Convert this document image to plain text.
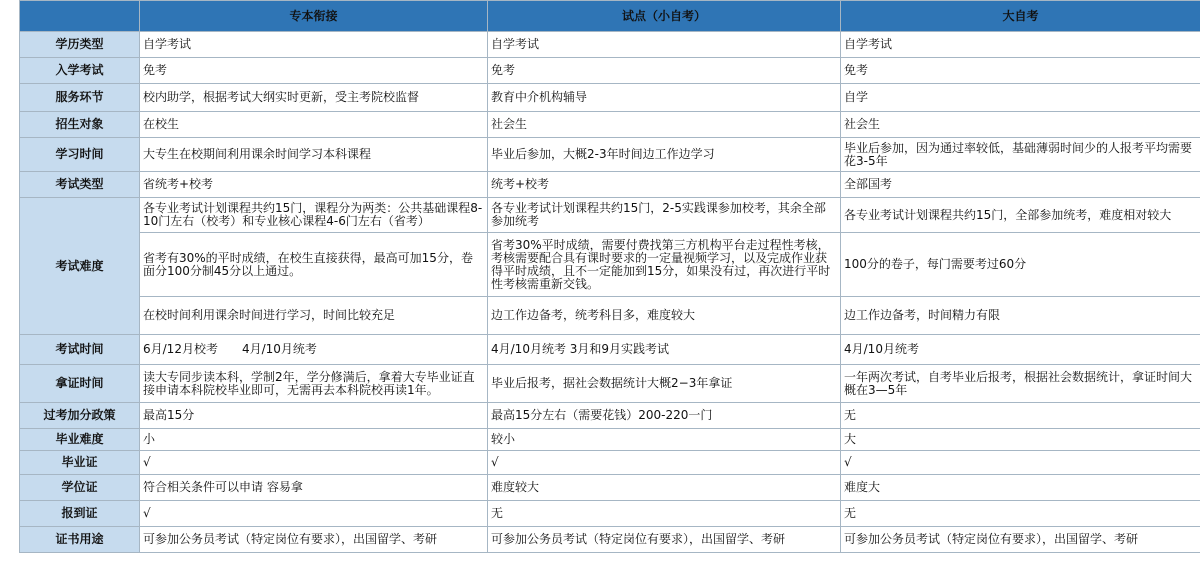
	专本衔接	试点（小自考）	大自考
学历类型	自学考试	自学考试	自学考试
入学考试	免考	免考	免考
服务环节	校内助学，根据考试大纲实时更新，受主考院校监督	教育中介机构辅导	自学
招生对象	在校生	社会生	社会生
学习时间	大专生在校期间利用课余时间学习本科课程	毕业后参加，大概2-3年时间边工作边学习	毕业后参加，因为通过率较低，基础薄弱时间少的人报考平均需要花3-5年
考试类型	省统考+校考	统考+校考	全部国考
考试难度	各专业考试计划课程共约15门，课程分为两类：公共基础课程8-10门左右（校考）和专业核心课程4-6门左右（省考）	各专业考试计划课程共约15门，2-5实践课参加校考，其余全部参加统考	各专业考试计划课程共约15门，全部参加统考，难度相对较大
	省考有30%的平时成绩，在校生直接获得，最高可加15分，卷面分100分制45分以上通过。	省考30%平时成绩，需要付费找第三方机构平台走过程性考核，考核需要配合具有课时要求的一定量视频学习，以及完成作业获得平时成绩，且不一定能加到15分，如果没有过，再次进行平时性考核需重新交钱。	100分的卷子，每门需要考过60分
	在校时间利用课余时间进行学习，时间比较充足	边工作边备考，统考科目多，难度较大	边工作边备考，时间精力有限
考试时间	6月/12月校考　　4月/10月统考	4月/10月统考 3月和9月实践考试	4月/10月统考
拿证时间	读大专同步读本科，学制2年，学分修满后，拿着大专毕业证直接申请本科院校毕业即可，无需再去本科院校再读1年。	毕业后报考，据社会数据统计大概2−3年拿证	一年两次考试，自考毕业后报考，根据社会数据统计，拿证时间大概在3—5年
过考加分政策	最高15分	最高15分左右（需要花钱）200-220一门	无
毕业难度	小	较小	大
毕业证	√	√	√
学位证	符合相关条件可以申请 容易拿	难度较大	难度大
报到证	√	无	无
证书用途	可参加公务员考试（特定岗位有要求），出国留学、考研	可参加公务员考试（特定岗位有要求），出国留学、考研	可参加公务员考试（特定岗位有要求），出国留学、考研
